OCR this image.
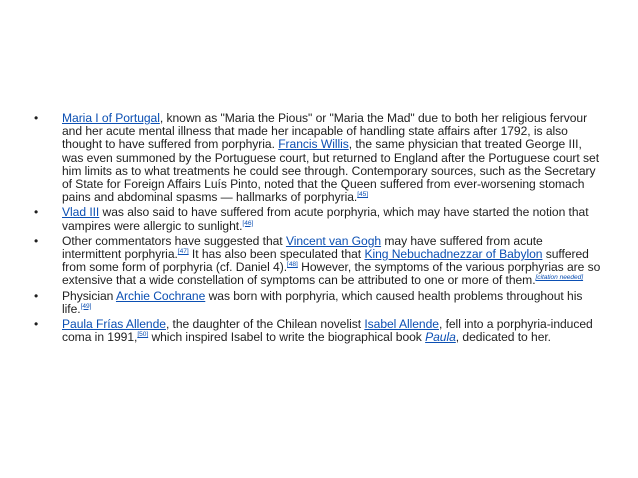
• Maria I of Portugal, known as "Maria the Pious" or "Maria the Mad" due to both her religious fervour and her acute mental illness that made her incapable of handling state affairs after 1792, is also thought to have suffered from porphyria. Francis Willis, the same physician that treated George III, was even summoned by the Portuguese court, but returned to England after the Portuguese court set him limits as to what treatments he could see through. Contemporary sources, such as the Secretary of State for Foreign Affairs Luís Pinto, noted that the Queen suffered from ever-worsening stomach pains and abdominal spasms — hallmarks of porphyria.[45]
• Vlad III was also said to have suffered from acute porphyria, which may have started the notion that vampires were allergic to sunlight.[46]
• Other commentators have suggested that Vincent van Gogh may have suffered from acute intermittent porphyria.[47] It has also been speculated that King Nebuchadnezzar of Babylon suffered from some form of porphyria (cf. Daniel 4).[48] However, the symptoms of the various porphyrias are so extensive that a wide constellation of symptoms can be attributed to one or more of them.[citation needed]
• Physician Archie Cochrane was born with porphyria, which caused health problems throughout his life.[49]
• Paula Frías Allende, the daughter of the Chilean novelist Isabel Allende, fell into a porphyria-induced coma in 1991,[50] which inspired Isabel to write the biographical book Paula, dedicated to her.
